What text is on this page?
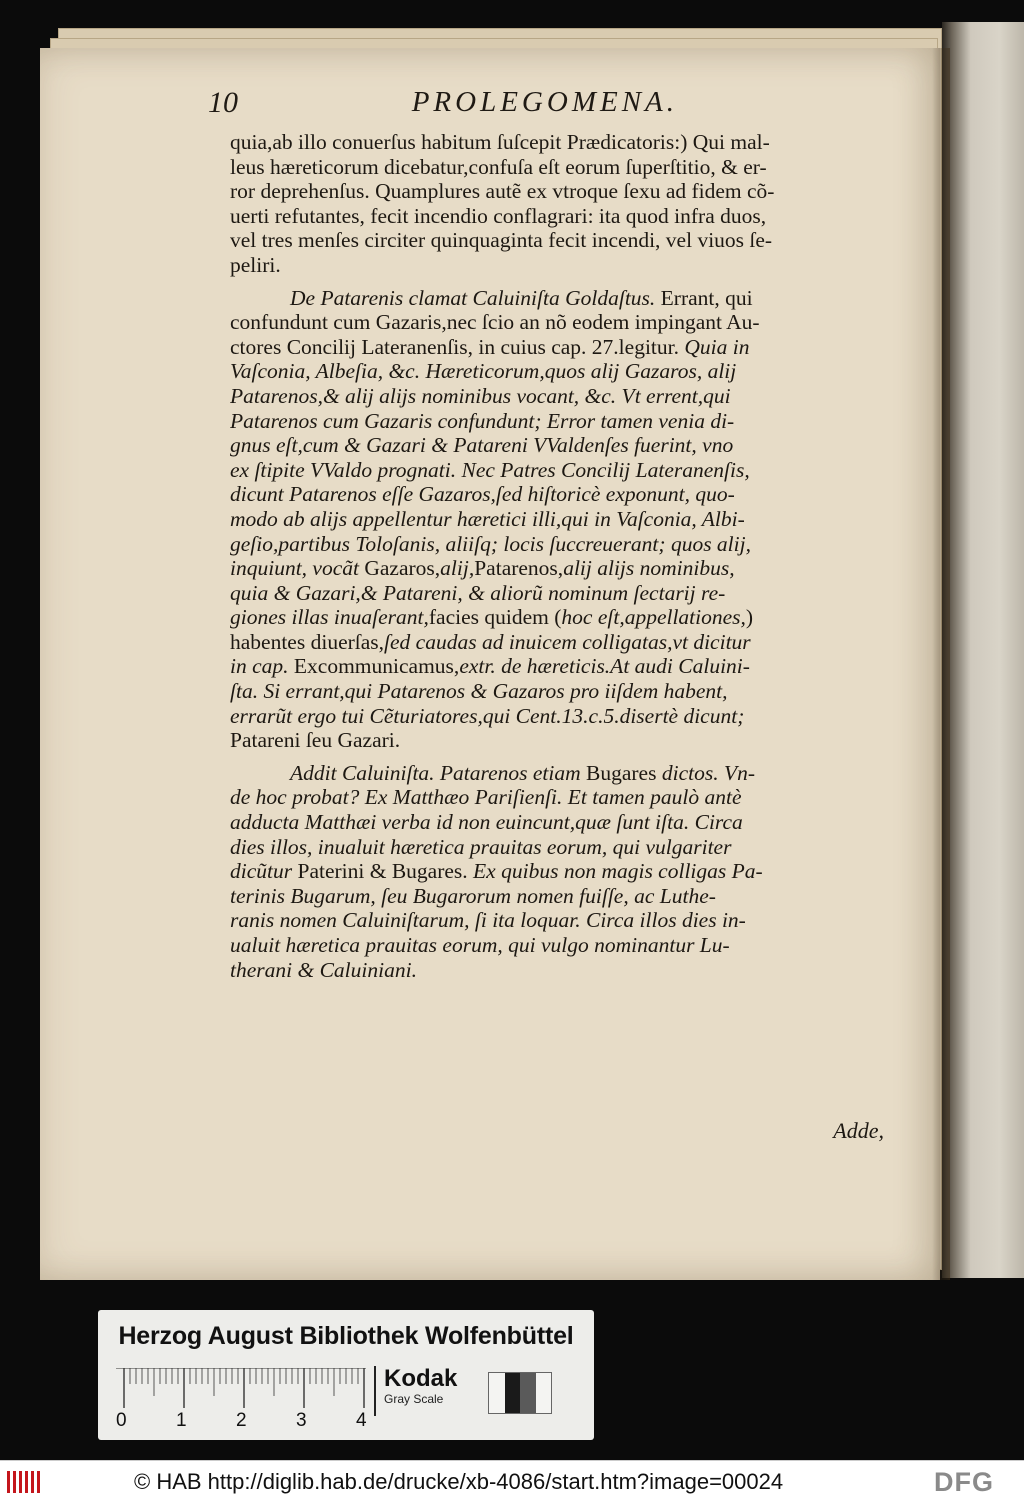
10	PROLEGOMENA.

quia,ab illo conuerſus habitum ſuſcepit Prædicatoris:) Qui mal-
leus hæreticorum dicebatur,confuſa eſt eorum ſuperſtitio, & er-
ror deprehenſus. Quamplures autẽ ex vtroque ſexu ad fidem cõ-
uerti refutantes, fecit incendio conflagrari: ita quod infra duos,
vel tres menſes circiter quinquaginta fecit incendi, vel viuos ſe-
peliri.

De Patarenis clamat Caluiniſta Goldaſtus. Errant, qui
confundunt cum Gazaris,nec ſcio an nõ eodem impingant Au-
ctores Concilij Lateranenſis, in cuius cap. 27.legitur. Quia in
Vaſconia, Albeſia, &c. Hæreticorum,quos alij Gazaros, alij
Patarenos,& alij alijs nominibus vocant, &c. Vt errent,qui
Patarenos cum Gazaris confundunt; Error tamen venia di-
gnus eſt,cum & Gazari & Patareni VValdenſes fuerint, vno
ex ſtipite VValdo prognati. Nec Patres Concilij Lateranenſis,
dicunt Patarenos eſſe Gazaros,ſed hiſtoricè exponunt, quo-
modo ab alijs appellentur hæretici illi,qui in Vaſconia, Albi-
geſio,partibus Toloſanis, aliiſq; locis ſuccreuerant; quos alij,
inquiunt, vocãt Gazaros,alij,Patarenos,alij alijs nominibus,
quia & Gazari,& Patareni, & aliorũ nominum ſectarij re-
giones illas inuaſerant,facies quidem (hoc eſt,appellationes,)
habentes diuerſas,ſed caudas ad inuicem colligatas,vt dicitur
in cap. Excommunicamus,extr. de hæreticis.At audi Caluini-
ſta. Si errant,qui Patarenos & Gazaros pro iiſdem habent,
errarũt ergo tui Cẽturiatores,qui Cent.13.c.5.disertè dicunt;
Patareni ſeu Gazari.

Addit Caluiniſta. Patarenos etiam Bugares dictos. Vn-
de hoc probat? Ex Matthæo Pariſienſi. Et tamen paulò antè
adducta Matthæi verba id non euincunt,quæ ſunt iſta. Circa
dies illos, inualuit hæretica prauitas eorum, qui vulgariter
dicũtur Paterini & Bugares. Ex quibus non magis colligas Pa-
terinis Bugarum, ſeu Bugarorum nomen fuiſſe, ac Luthe-
ranis nomen Caluiniſtarum, ſi ita loquar. Circa illos dies in-
ualuit hæretica prauitas eorum, qui vulgo nominantur Lu-
therani & Caluiniani.

Adde,
Herzog August Bibliothek Wolfenbüttel
0	1	2	3	4
Kodak
Gray Scale
© HAB http://diglib.hab.de/drucke/xb-4086/start.htm?image=00024	DFG
